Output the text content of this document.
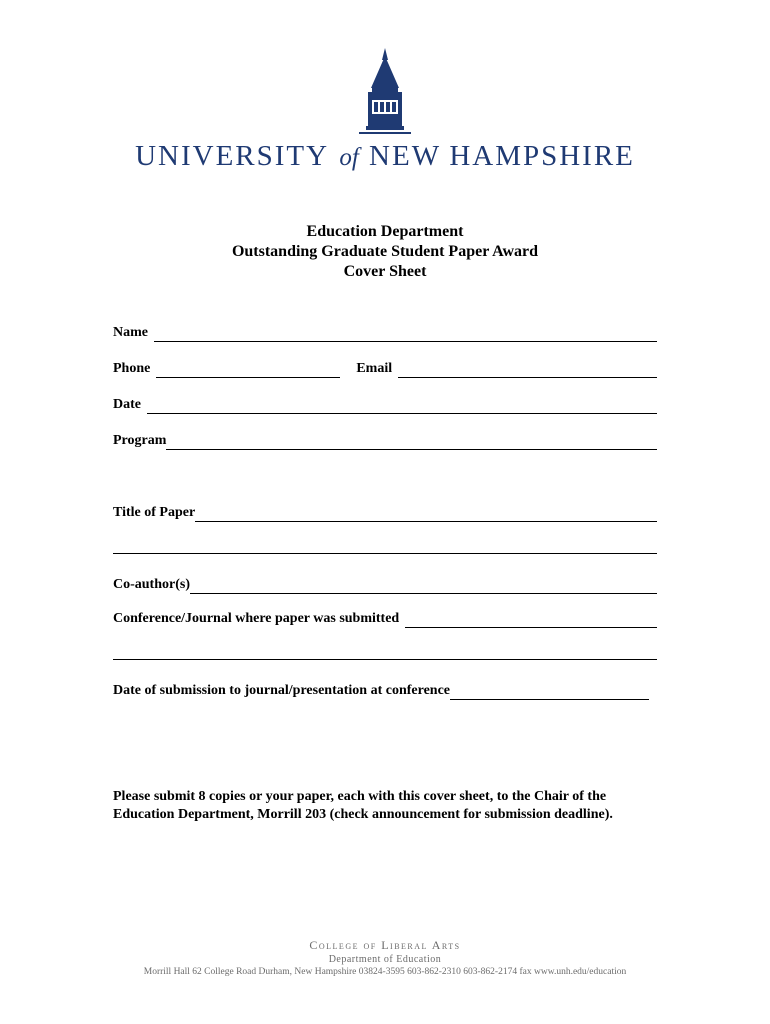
UNIVERSITY of NEW HAMPSHIRE
Education Department
Outstanding Graduate Student Paper Award
Cover Sheet
Name
Phone	Email
Date
Program
Title of Paper
Co-author(s)
Conference/Journal where paper was submitted
Date of submission to journal/presentation at conference
Please submit 8 copies or your paper, each with this cover sheet, to the Chair of the Education Department, Morrill 203 (check announcement for submission deadline).
College of Liberal Arts
Department of Education
Morrill Hall 62 College Road Durham, New Hampshire 03824-3595 603-862-2310 603-862-2174 fax www.unh.edu/education
